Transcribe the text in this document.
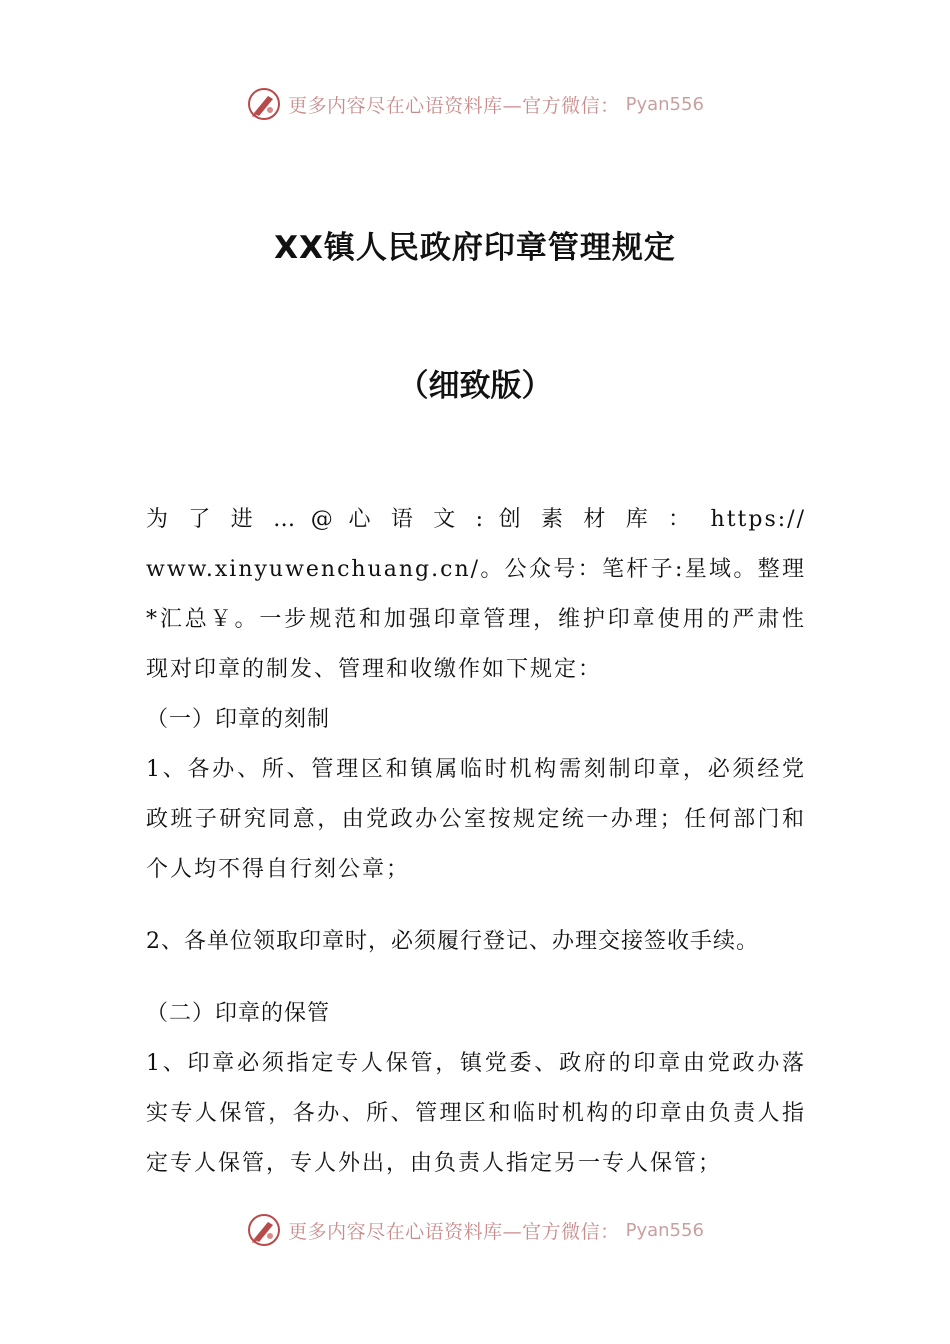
更多内容尽在心语资料库—官方微信： Pyan556
XX镇人民政府印章管理规定
（细致版）
为 了 进 … @ 心 语 文 : 创 素 材 库 ： https://
www.xinyuwenchuang.cn/。公众号：笔杆子:星域。整理*汇总￥。一步规范和加强印章管理，维护印章使用的严肃性现对印章的制发、管理和收缴作如下规定：

（一）印章的刻制

1、各办、所、管理区和镇属临时机构需刻制印章，必须经党政班子研究同意，由党政办公室按规定统一办理；任何部门和个人均不得自行刻公章；

2、各单位领取印章时，必须履行登记、办理交接签收手续。

（二）印章的保管

1、印章必须指定专人保管，镇党委、政府的印章由党政办落实专人保管，各办、所、管理区和临时机构的印章由负责人指定专人保管，专人外出，由负责人指定另一专人保管；

更多内容尽在心语资料库—官方微信： Pyan556
